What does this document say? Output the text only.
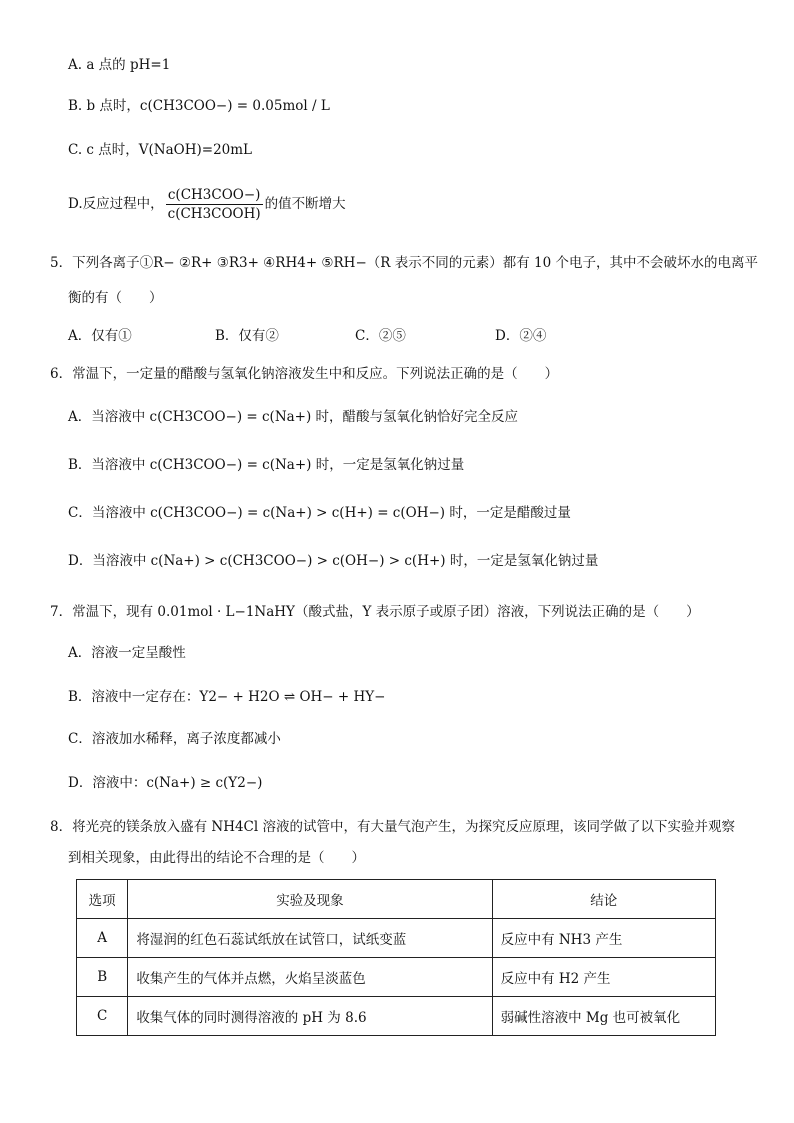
A. a 点的 pH=1
B. b 点时，c(CH3COO−) = 0.05mol / L
C. c 点时，V(NaOH)=20mL
D.反应过程中， $\frac{\text{c(CH3COO−)}}{\text{c(CH3COOH)}}$ 的值不断增大
5．下列各离子①R− ②R+ ③R3+ ④RH4+ ⑤RH−（R 表示不同的元素）都有 10 个电子，其中不会破坏水的电离平
衡的有（　　）
A．仅有①	B．仅有②	C．②⑤	D．②④
6．常温下，一定量的醋酸与氢氧化钠溶液发生中和反应。下列说法正确的是（　　）
A．当溶液中 c(CH3COO−) = c(Na+) 时，醋酸与氢氧化钠恰好完全反应
B．当溶液中 c(CH3COO−) = c(Na+) 时，一定是氢氧化钠过量
C．当溶液中 c(CH3COO−) = c(Na+) > c(H+) = c(OH−) 时，一定是醋酸过量
D．当溶液中 c(Na+) > c(CH3COO−) > c(OH−) > c(H+) 时，一定是氢氧化钠过量
7．常温下，现有 0.01mol · L−1NaHY（酸式盐，Y 表示原子或原子团）溶液，下列说法正确的是（　　）
A．溶液一定呈酸性
B．溶液中一定存在：Y2− + H2O ⇌ OH− + HY−
C．溶液加水稀释，离子浓度都减小
D．溶液中：c(Na+) ≥ c(Y2−)
8．将光亮的镁条放入盛有 NH4Cl 溶液的试管中，有大量气泡产生，为探究反应原理，该同学做了以下实验并观察
到相关现象，由此得出的结论不合理的是（　　）
选项	实验及现象	结论
A	将湿润的红色石蕊试纸放在试管口，试纸变蓝	反应中有 NH3 产生
B	收集产生的气体并点燃，火焰呈淡蓝色	反应中有 H2 产生
C	收集气体的同时测得溶液的 pH 为 8.6	弱碱性溶液中 Mg 也可被氧化
